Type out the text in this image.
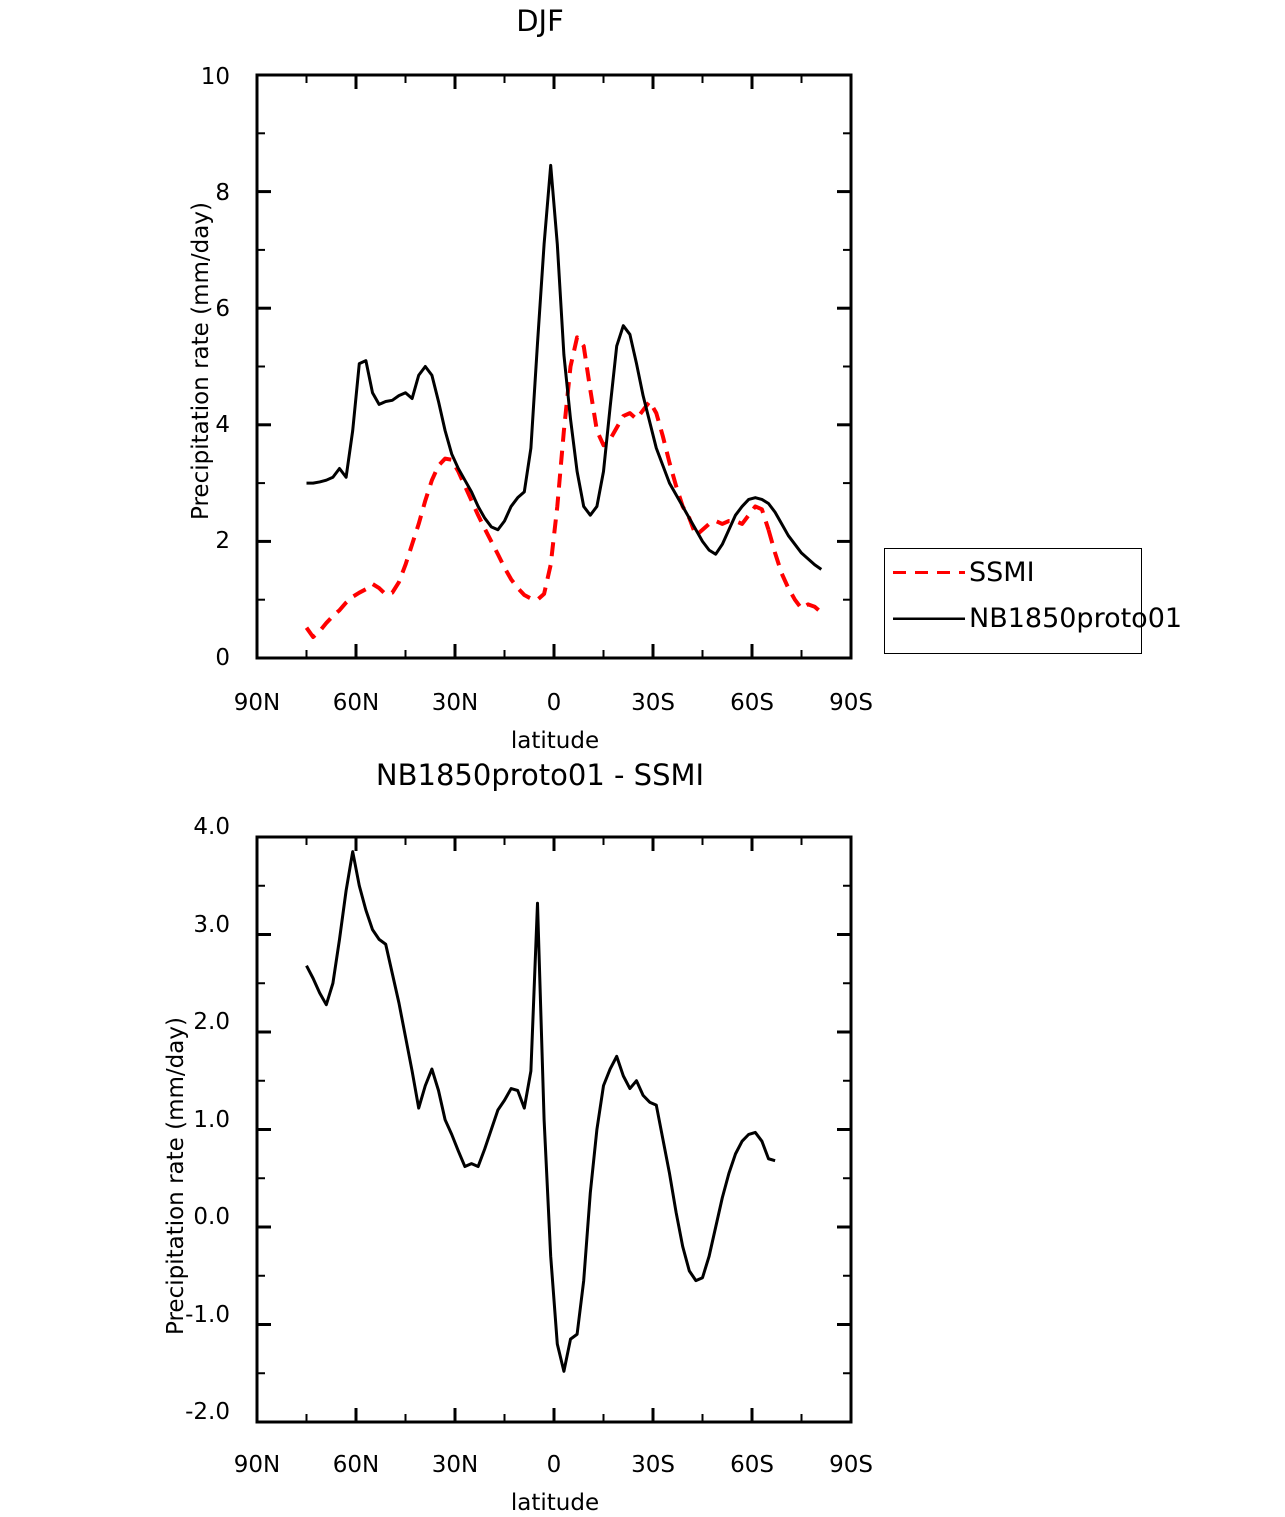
DJF
Precipitation rate (mm/day)
latitude
0
2
4
6
8
10
90N	60N	30N	0	30S	60S	90S
SSMI
NB1850proto01
NB1850proto01 - SSMI
Precipitation rate (mm/day)
latitude
-2.0
-1.0
0.0
1.0
2.0
3.0
4.0
90N	60N	30N	0	30S	60S	90S
